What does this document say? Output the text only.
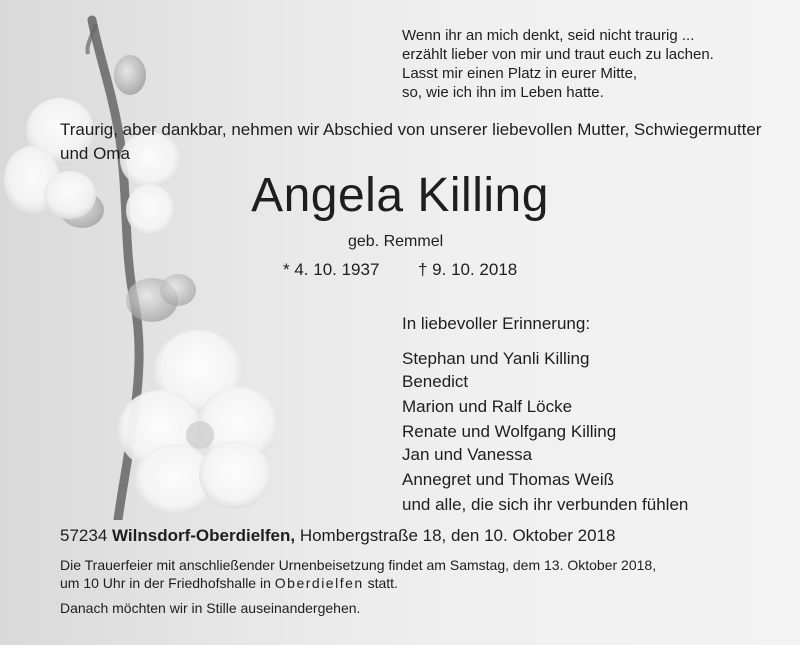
Wenn ihr an mich denkt, seid nicht traurig ...
erzählt lieber von mir und traut euch zu lachen.
Lasst mir einen Platz in eurer Mitte,
so, wie ich ihn im Leben hatte.
Traurig, aber dankbar, nehmen wir Abschied von unserer liebevollen Mutter, Schwiegermutter und Oma
Angela Killing
geb. Remmel
* 4. 10. 1937 † 9. 10. 2018
In liebevoller Erinnerung:
Stephan und Yanli Killing
Benedict
Marion und Ralf Löcke
Renate und Wolfgang Killing
Jan und Vanessa
Annegret und Thomas Weiß
und alle, die sich ihr verbunden fühlen
57234 Wilnsdorf-Oberdielfen, Hombergstraße 18, den 10. Oktober 2018
Die Trauerfeier mit anschließender Urnenbeisetzung findet am Samstag, dem 13. Oktober 2018,
um 10 Uhr in der Friedhofshalle in Oberdielfen statt.
Danach möchten wir in Stille auseinandergehen.
